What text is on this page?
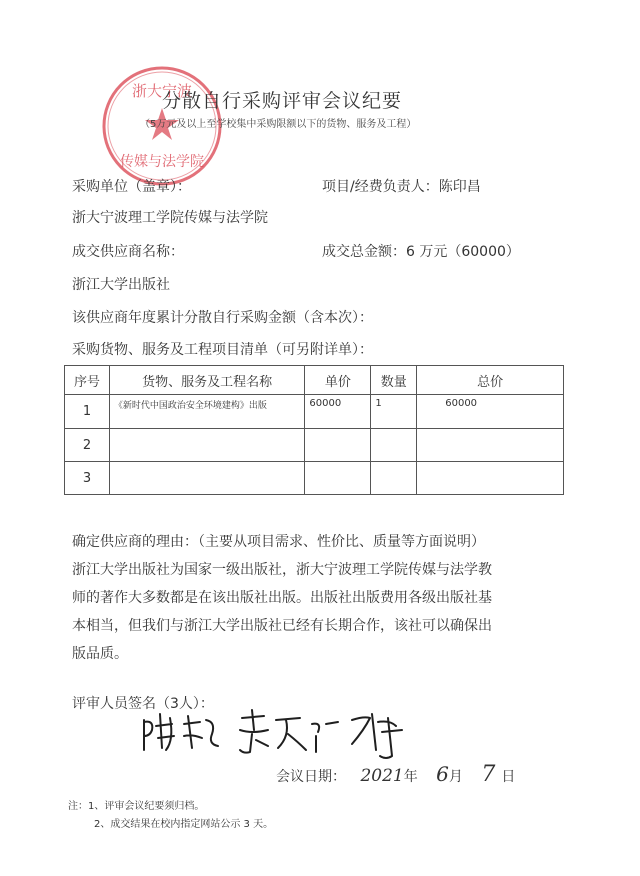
浙大宁波
传媒与法学院
分散自行采购评审会议纪要
（5万元及以上至学校集中采购限额以下的货物、服务及工程）
采购单位（盖章）：	项目/经费负责人：陈印昌
浙大宁波理工学院传媒与法学院
成交供应商名称：	成交总金额：6 万元（60000）
浙江大学出版社
该供应商年度累计分散自行采购金额（含本次）：
采购货物、服务及工程项目清单（可另附详单）：
序号	货物、服务及工程名称	单价	数量	总价
1	《新时代中国政治安全环境建构》出版	60000	1	60000
2				
3				
确定供应商的理由：（主要从项目需求、性价比、质量等方面说明）
浙江大学出版社为国家一级出版社，浙大宁波理工学院传媒与法学教
师的著作大多数都是在该出版社出版。出版社出版费用各级出版社基
本相当，但我们与浙江大学出版社已经有长期合作，该社可以确保出
版品质。
评审人员签名（3人）：
会议日期： 2021年 6月 7 日
注：1、评审会议纪要须归档。
2、成交结果在校内指定网站公示 3 天。
